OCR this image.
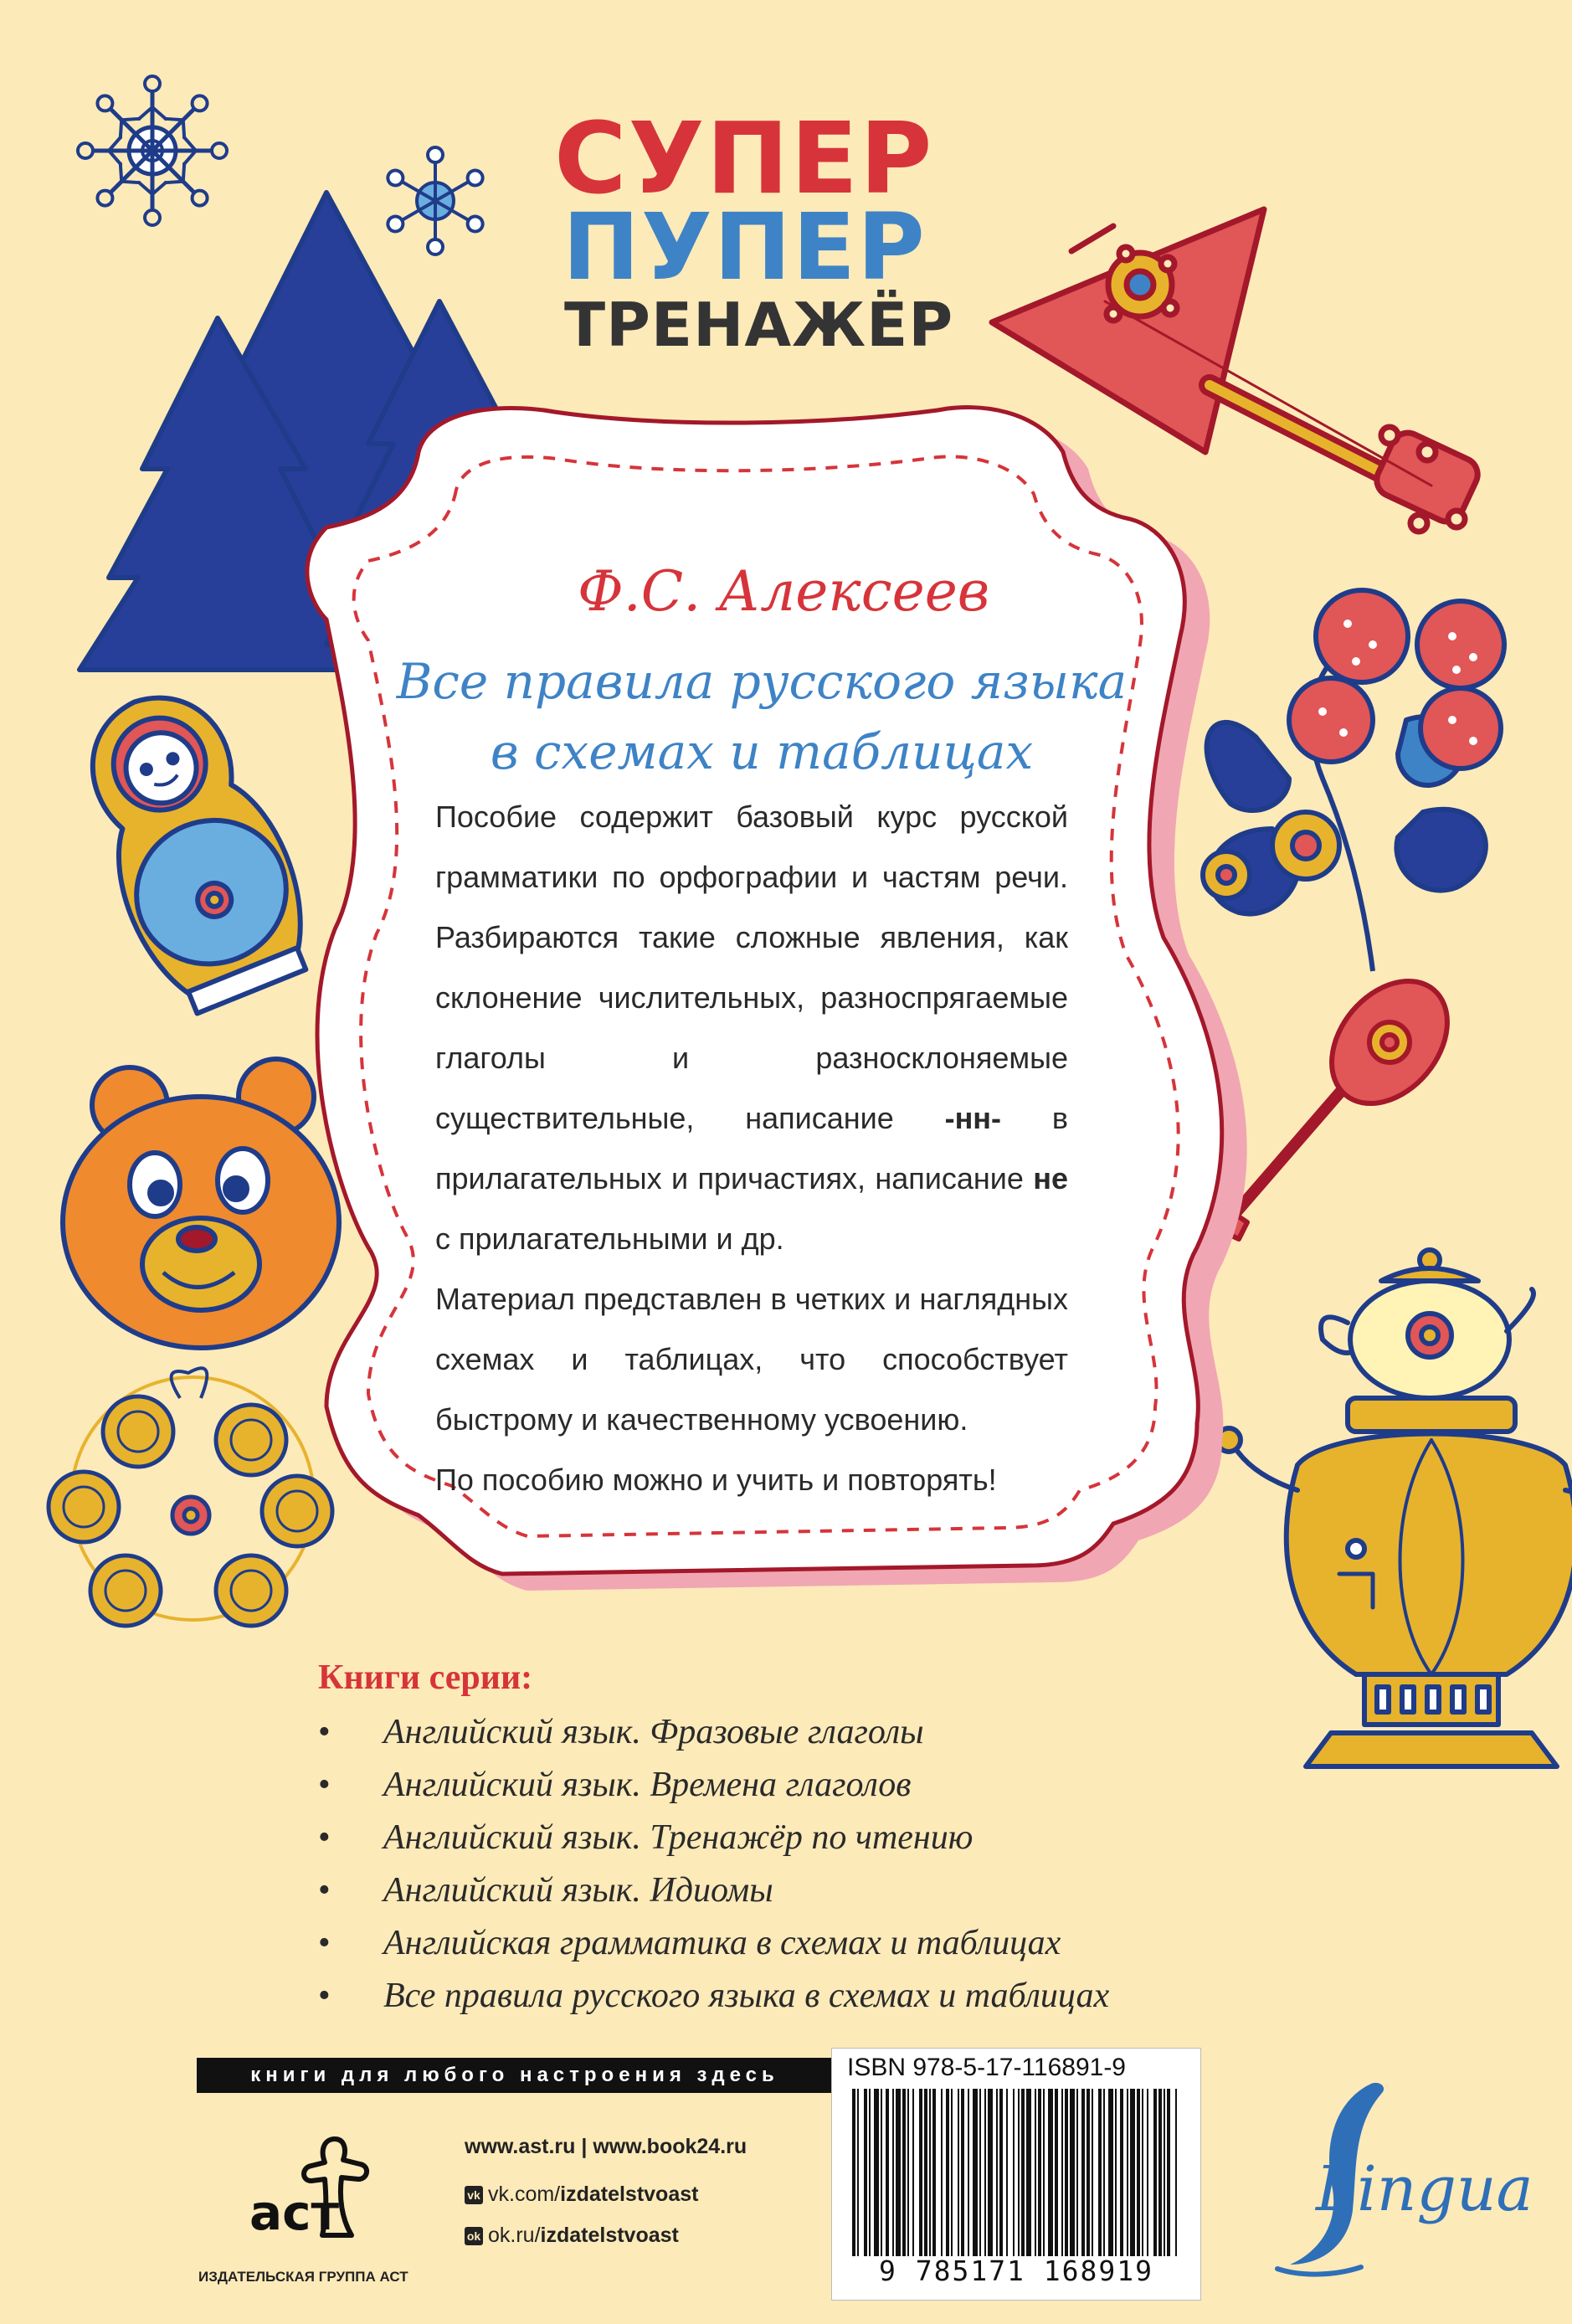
СУПЕР
ПУПЕР
ТРЕНАЖЁР
Ф.С. Алексеев
Все правила русского языка
в схемах и таблицах

Пособие содержит базовый курс русской грамматики по орфографии и частям речи. Разбираются такие сложные явления, как склонение числительных, разноспрягаемые глаголы и разносклоняемые существительные, написание -нн- в прилагательных и причастиях, написание не с прилагательными и др.

Материал представлен в четких и наглядных схемах и таблицах, что способствует быстрому и качественному усвоению.

По пособию можно и учить и повторять!

Книги серии:
• Английский язык. Фразовые глаголы
• Английский язык. Времена глаголов
• Английский язык. Тренажёр по чтению
• Английский язык. Идиомы
• Английская грамматика в схемах и таблицах
• Все правила русского языка в схемах и таблицах
книги для любого настроения здесь
аст
ИЗДАТЕЛЬСКАЯ ГРУППА АСТ
www.ast.ru | www.book24.ru
vk vk.com/izdatelstvoast
ok ok.ru/izdatelstvoast
ISBN 978-5-17-116891-9
9 785171 168919
Lingua
